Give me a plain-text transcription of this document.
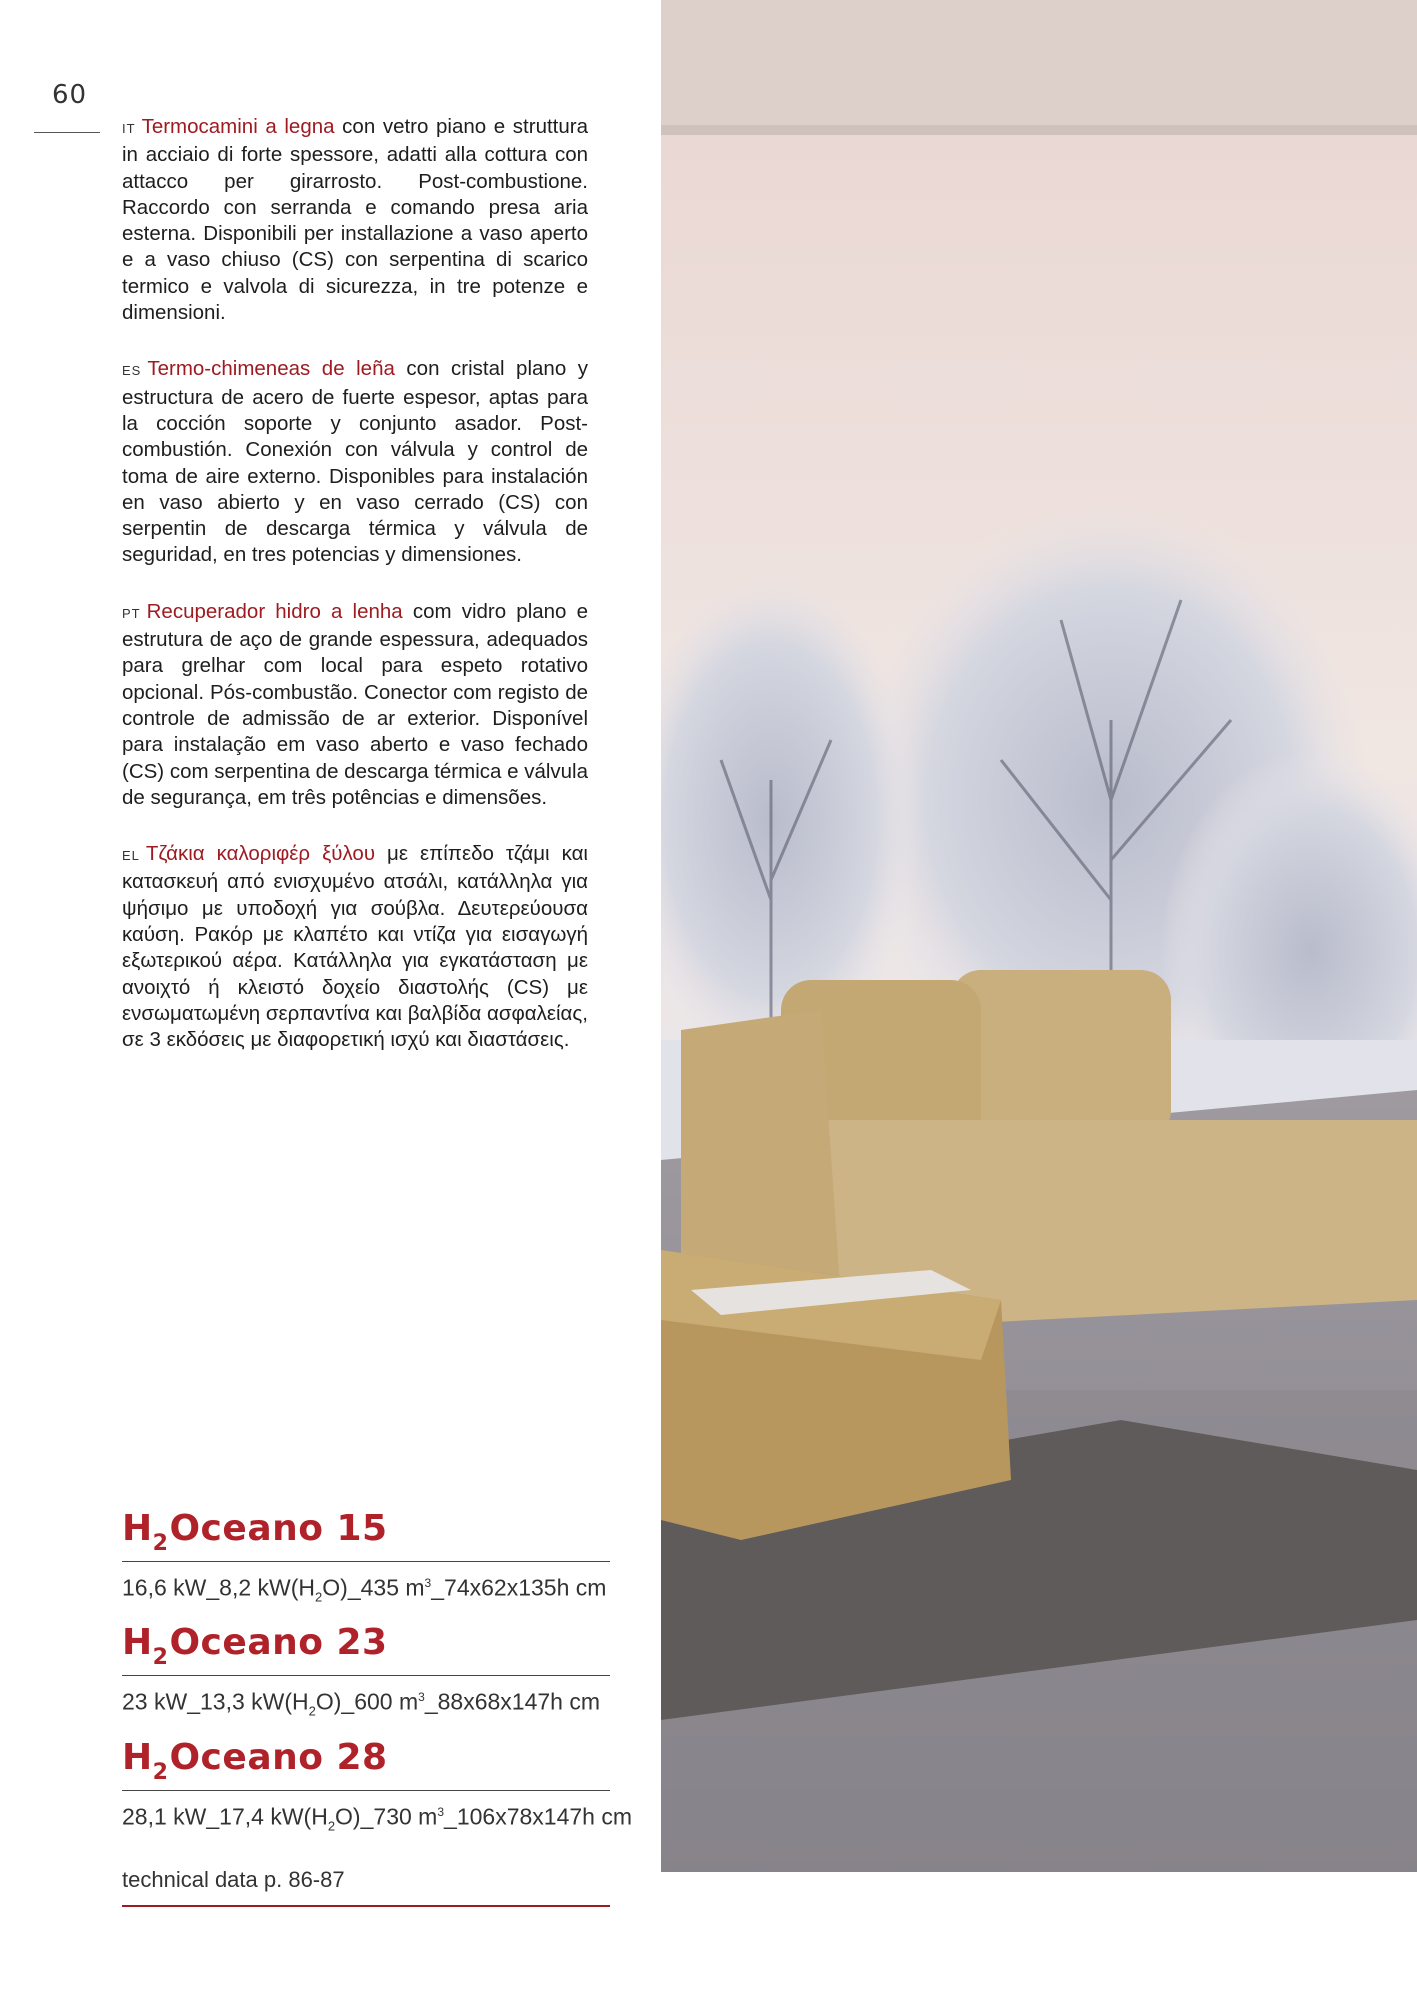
60

IT Termocamini a legna con vetro piano e struttura in acciaio di forte spessore, adatti alla cottura con attacco per girarrosto. Post-combustione. Raccordo con serranda e comando presa aria esterna. Disponibili per installazione a vaso aperto e a vaso chiuso (CS) con serpentina di scarico termico e valvola di sicurezza, in tre potenze e dimensioni.

ES Termo-chimeneas de leña con cristal plano y estructura de acero de fuerte espesor, aptas para la cocción soporte y conjunto asador. Post-combustión. Conexión con válvula y control de toma de aire externo. Disponibles para instalación en vaso abierto y en vaso cerrado (CS) con serpentin de descarga térmica y válvula de seguridad, en tres potencias y dimensiones.

PT Recuperador hidro a lenha com vidro plano e estrutura de aço de grande espessura, adequados para grelhar com local para espeto rotativo opcional. Pós-combustão. Conector com registo de controle de admissão de ar exterior. Disponível para instalação em vaso aberto e vaso fechado (CS) com serpentina de descarga térmica e válvula de segurança, em três potências e dimensões.

EL Τζάκια καλοριφέρ ξύλου με επίπεδο τζάμι και κατασκευή από ενισχυμένο ατσάλι, κατάλληλα για ψήσιμο με υποδοχή για σούβλα. Δευτερεύουσα καύση. Ρακόρ με κλαπέτο και ντίζα για εισαγωγή εξωτερικού αέρα. Κατάλληλα για εγκατάσταση με ανοιχτό ή κλειστό δοχείο διαστολής (CS) με ενσωματωμένη σερπαντίνα και βαλβίδα ασφαλείας, σε 3 εκδόσεις με διαφορετική ισχύ και διαστάσεις.

$H_2Oceano$ 15
16,6 kW_8,2 $kW(H_2O)\_435$ $m^3\_74x62x135h$ cm
$H_2Oceano$ 23
23 kW_13,3 $kW(H_2O)\_600$ $m^3\_88x68x147h$ cm
$H_2Oceano$ 28
28,1 kW_17,4 $kW(H_2O)\_730$ $m^3\_106x78x147h$ cm
technical data p. 86-87
